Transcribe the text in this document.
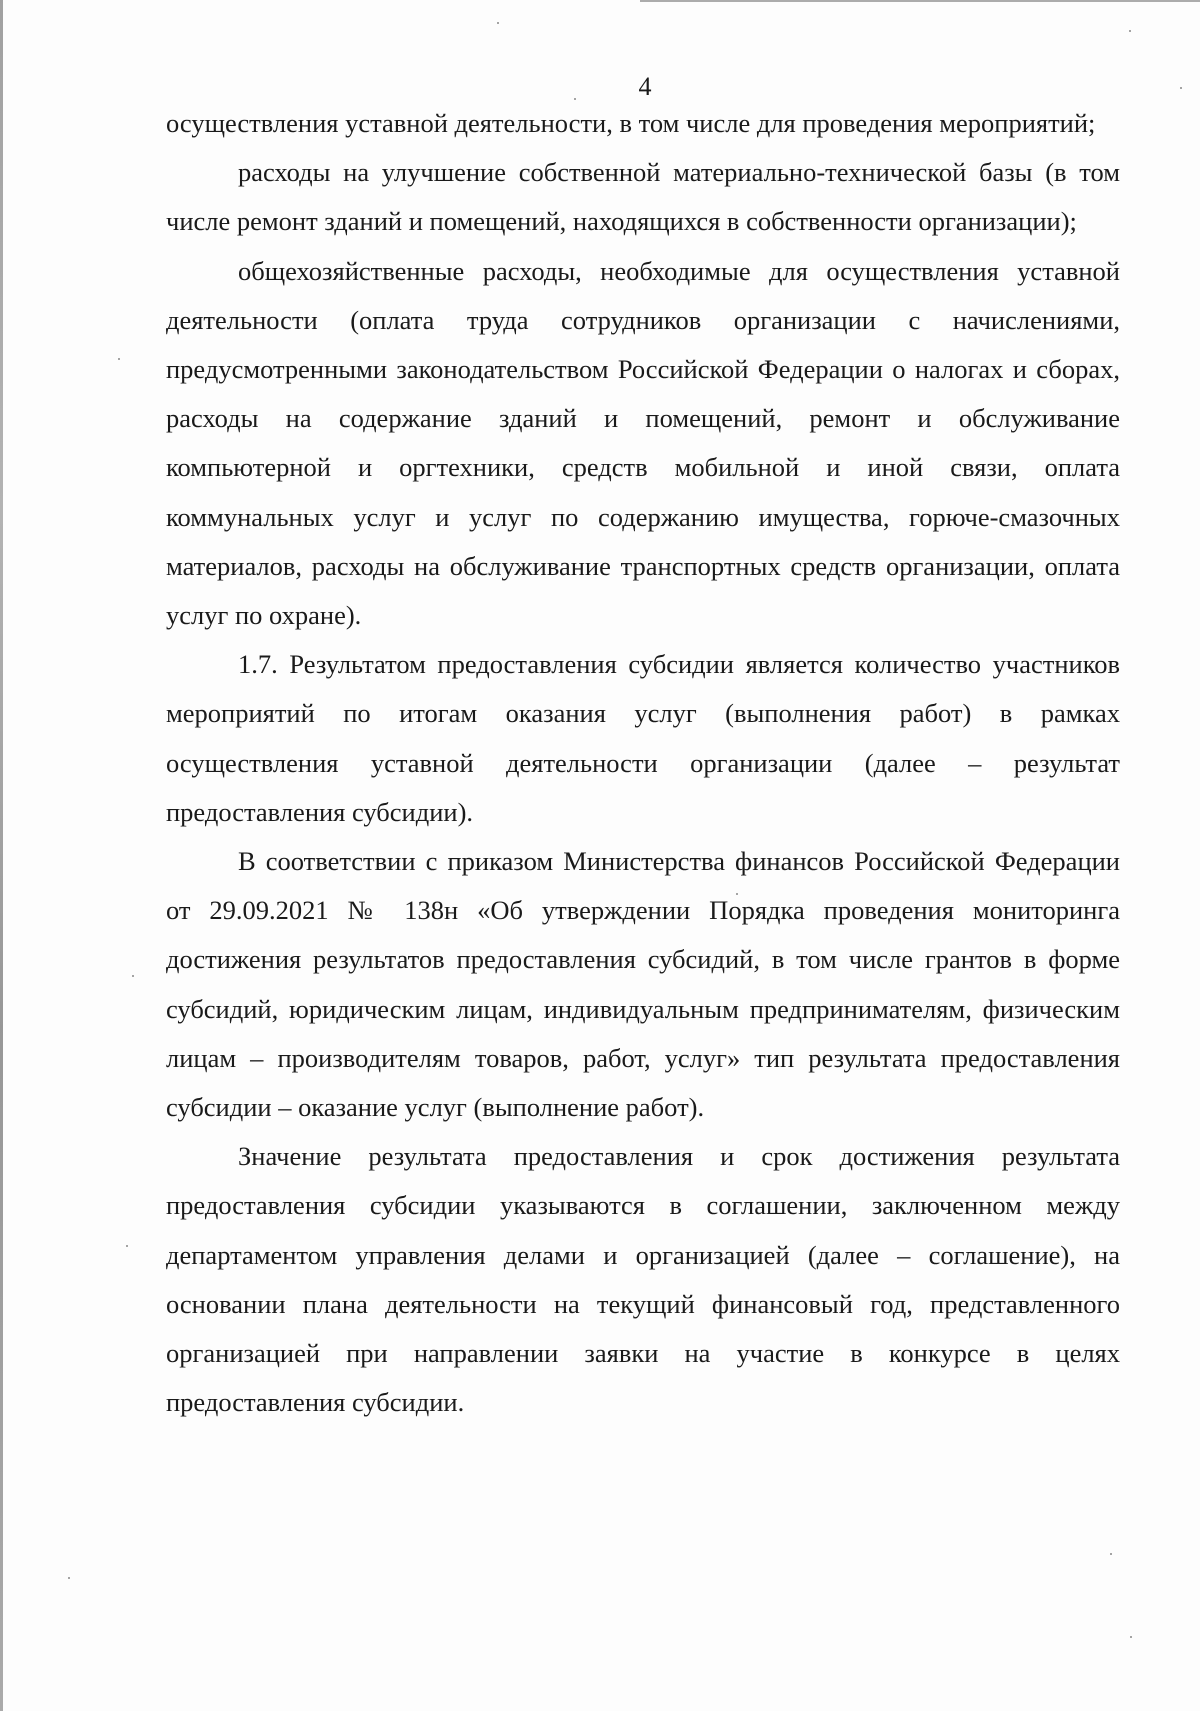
4

осуществления уставной деятельности, в том числе для проведения мероприятий;

расходы на улучшение собственной материально-технической базы (в том числе ремонт зданий и помещений, находящихся в собственности организации);

общехозяйственные расходы, необходимые для осуществления уставной деятельности (оплата труда сотрудников организации с начислениями, предусмотренными законодательством Российской Федерации о налогах и сборах, расходы на содержание зданий и помещений, ремонт и обслуживание компьютерной и оргтехники, средств мобильной и иной связи, оплата коммунальных услуг и услуг по содержанию имущества, горюче-смазочных материалов, расходы на обслуживание транспортных средств организации, оплата услуг по охране).

1.7. Результатом предоставления субсидии является количество участников мероприятий по итогам оказания услуг (выполнения работ) в рамках осуществления уставной деятельности организации (далее – результат предоставления субсидии).

В соответствии с приказом Министерства финансов Российской Федерации от 29.09.2021 № 138н «Об утверждении Порядка проведения мониторинга достижения результатов предоставления субсидий, в том числе грантов в форме субсидий, юридическим лицам, индивидуальным предпринимателям, физическим лицам – производителям товаров, работ, услуг» тип результата предоставления субсидии – оказание услуг (выполнение работ).

Значение результата предоставления и срок достижения результата предоставления субсидии указываются в соглашении, заключенном между департаментом управления делами и организацией (далее – соглашение), на основании плана деятельности на текущий финансовый год, представленного организацией при направлении заявки на участие в конкурсе в целях предоставления субсидии.
